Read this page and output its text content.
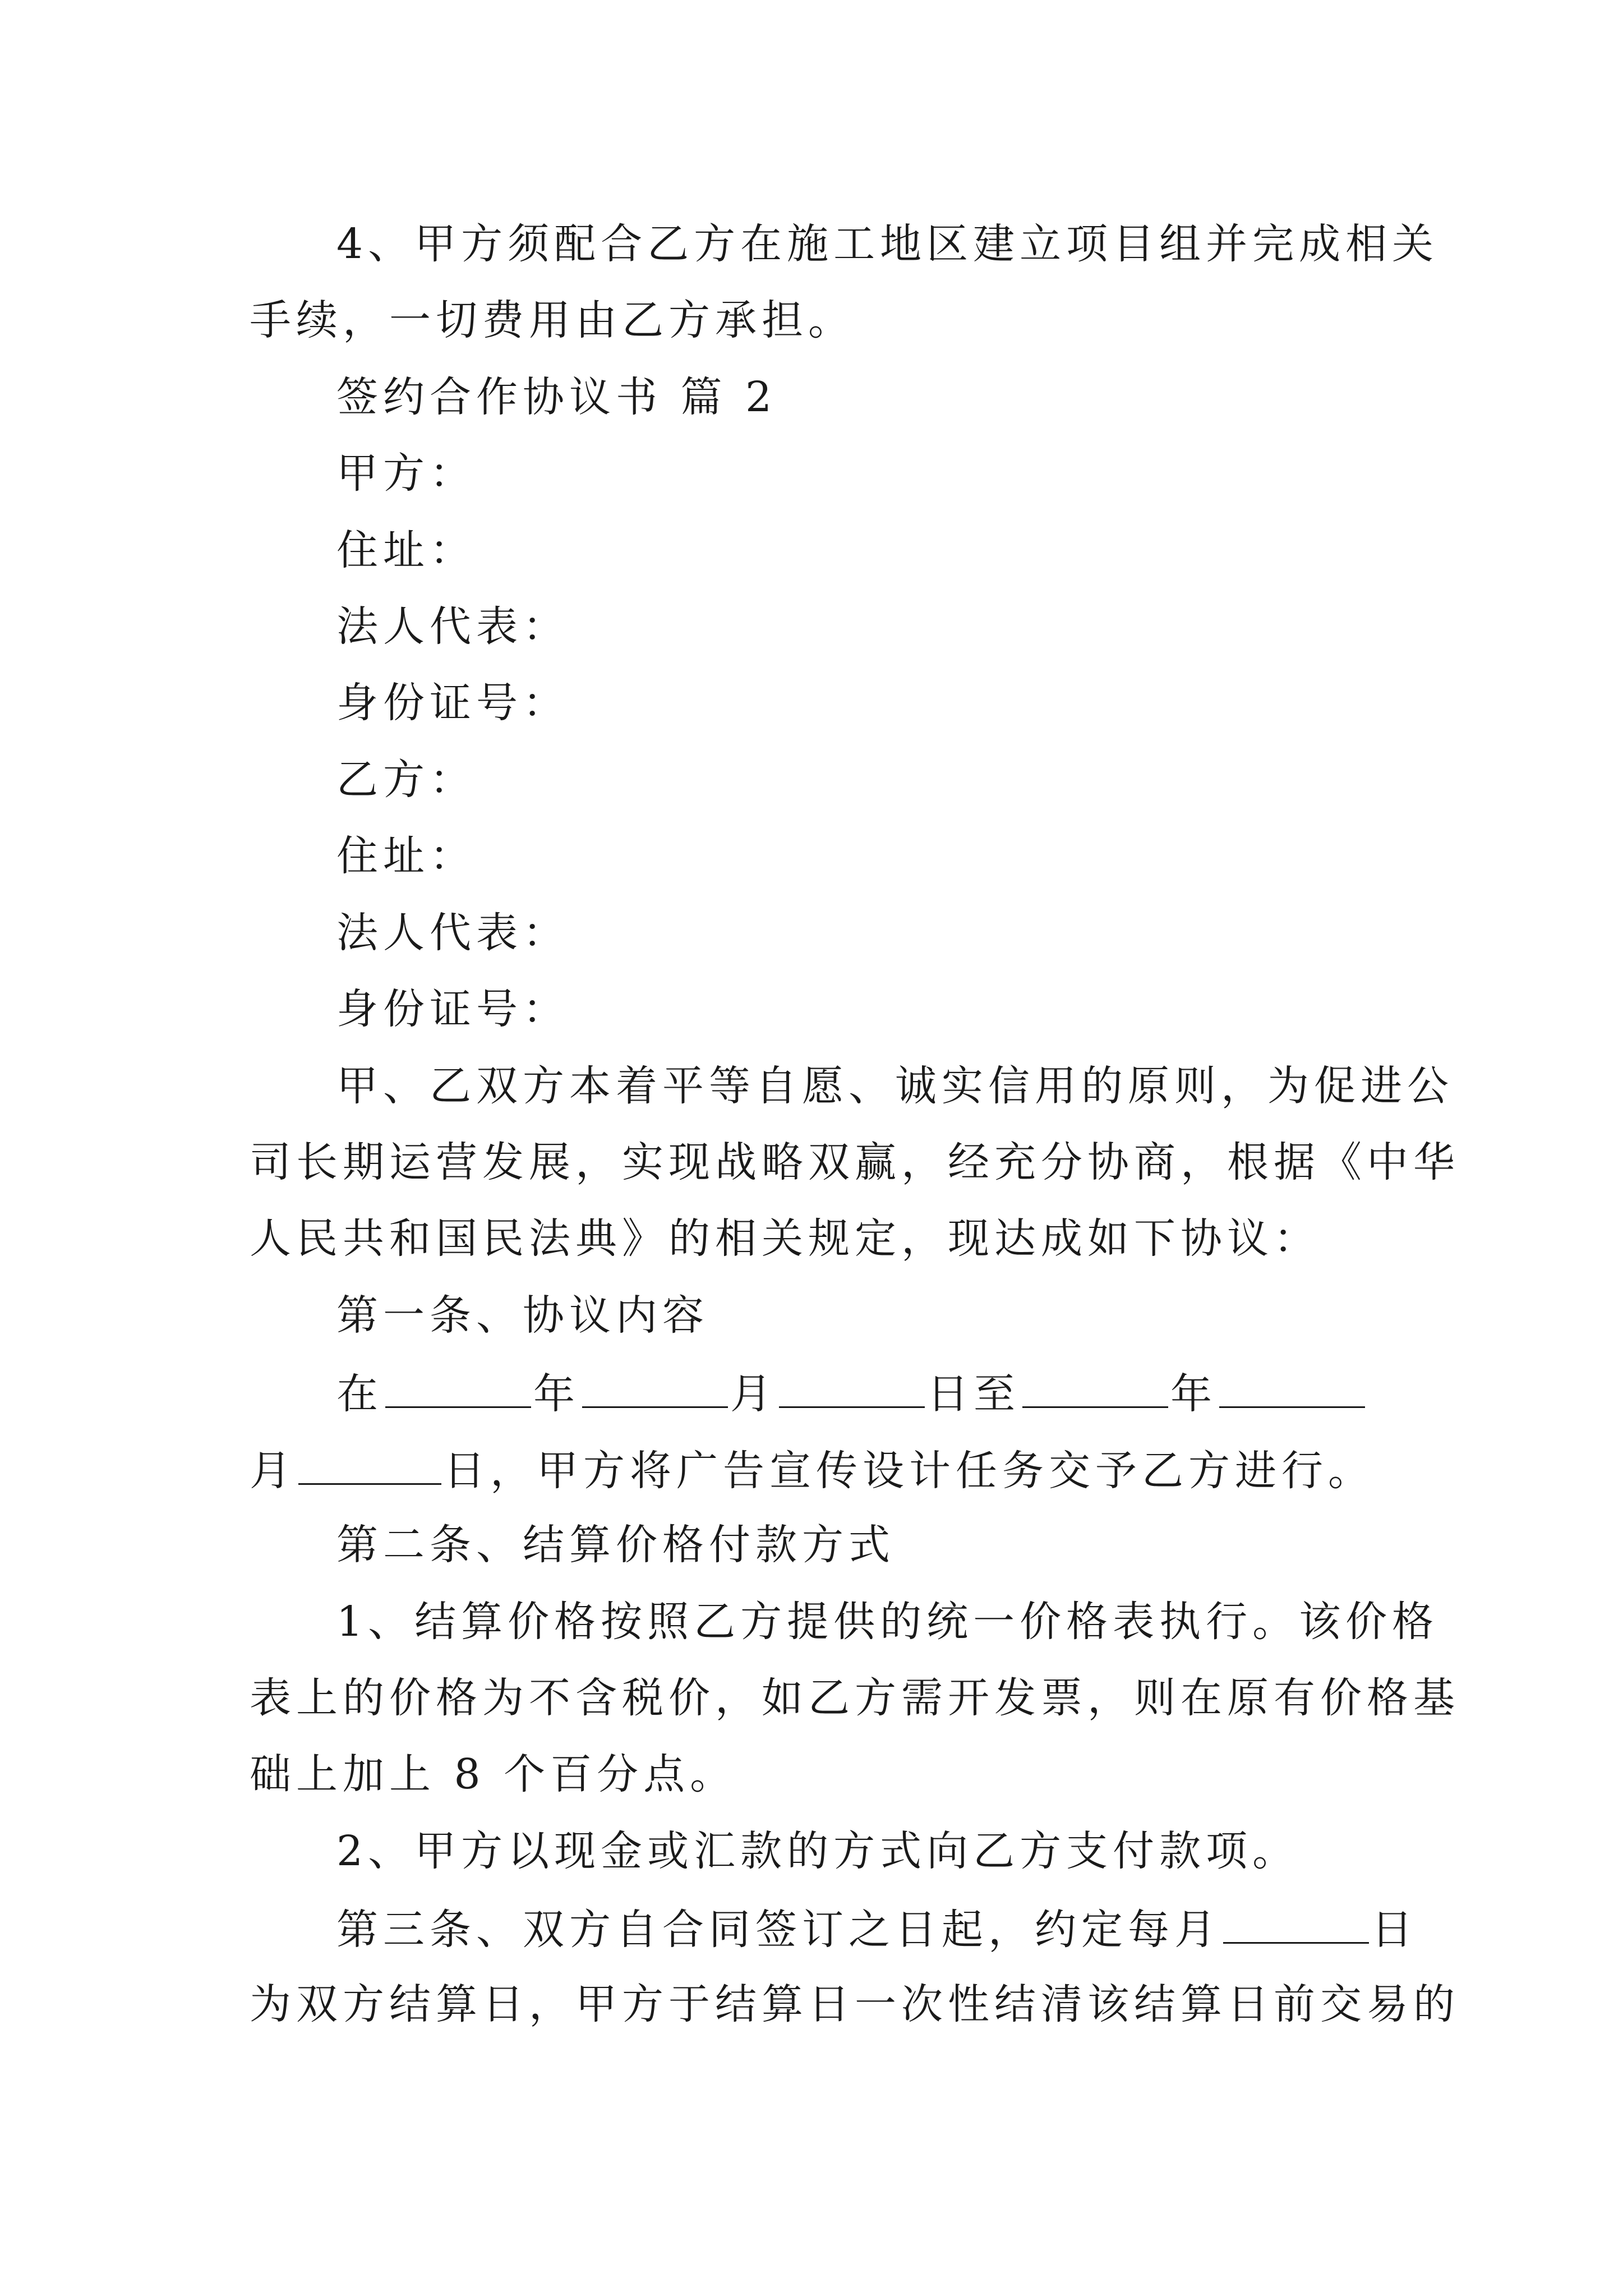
4、甲方须配合乙方在施工地区建立项目组并完成相关

手续，一切费用由乙方承担。

签约合作协议书 篇 2

甲方：

住址：

法人代表：

身份证号：

乙方：

住址：

法人代表：

身份证号：

甲、乙双方本着平等自愿、诚实信用的原则，为促进公

司长期运营发展，实现战略双赢，经充分协商，根据《中华

人民共和国民法典》的相关规定，现达成如下协议：

第一条、协议内容

在	年	月	日至	年

月	日，甲方将广告宣传设计任务交予乙方进行。

第二条、结算价格付款方式

1、结算价格按照乙方提供的统一价格表执行。该价格

表上的价格为不含税价，如乙方需开发票，则在原有价格基

础上加上 8 个百分点。

2、甲方以现金或汇款的方式向乙方支付款项。

第三条、双方自合同签订之日起，约定每月	日

为双方结算日，甲方于结算日一次性结清该结算日前交易的
